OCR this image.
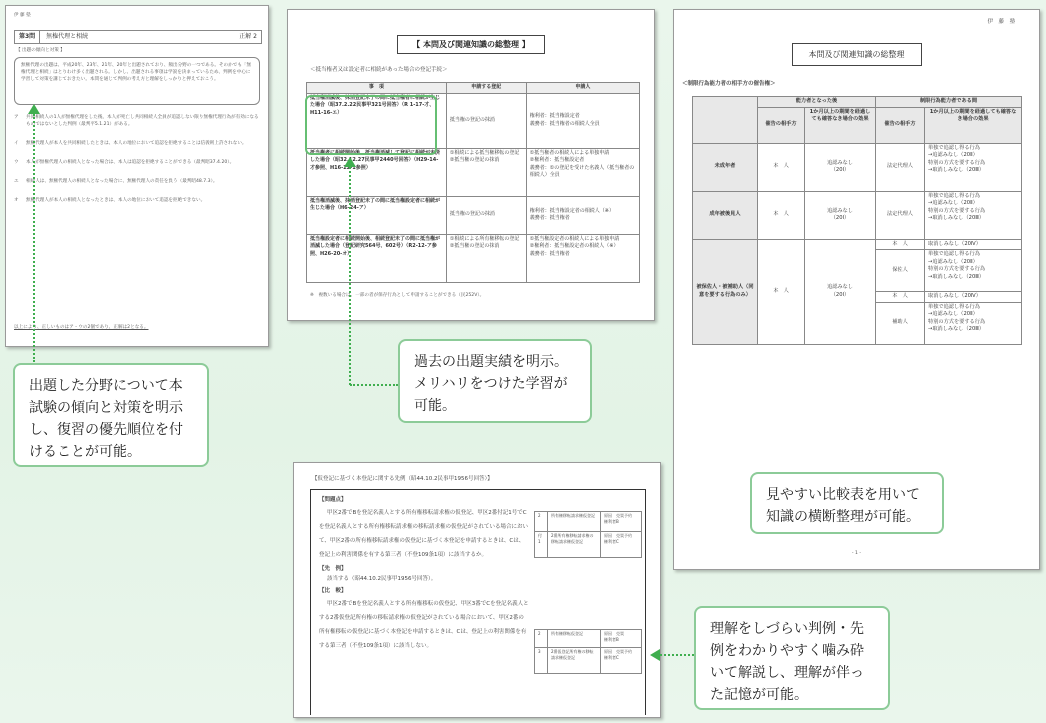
伊 藤 塾
第3問 無権代理と相続	正解 2
【 出題の傾向と対策 】
無権代理の出題は、平成20年、23年、21年、20年と出題されており、頻出分野の一つである。そのかでも「無権代理と相続」はとりわけ多く出題される。しかし、出題される事項は学説を決まっているため、判例を中心に学習して対策を講じておきたい。本問を通じて判例の考え方と理解をしっかりと押えておこう。
ア	共同相続人の1人が無権代理をした後、本人が死亡し共同相続人全員が追認しない限り無権代理行為が有効になるものではないとした判例（最判平5.1.21）がある。
イ	無権代理人が本人を共同相続したときは、本人の地位において追認を拒絶することは信義則上許されない。
ウ	本人が無権代理人の相続人となった場合は、本人は追認を拒絶することができる（最判昭37.4.20）。
エ	相続人は、無権代理人の相続人となった場合に、無権代理人の責任を負う（最判昭48.7.3）。
オ	無権代理人が本人の相続人となったときは、本人の地位において追認を拒絶できない。
以上により、正しいものはア・ウの2個であり、正解は2となる。
【 本問及び関連知識の総整理 】
＜抵当権者又は設定者に相続があった場合の登記手続＞
事　項	申請する登記	申請人
抵当権消滅後、抹消登記未了の間に抵当権者に相続が生じた場合（昭37.2.22民事甲321号回答）（R 1-17-才、H11-16-エ）	抵当権の登記の抹消	権利者：抵当権設定者
義務者：抵当権者の相続人全員
抵当権者に相続開始後、抵当権消滅して登記に相続が未済した場合（昭32.12.27民事甲2440号回答）（H29-14-才参照、H16-22-1参照）	①相続による抵当権移転の登記
②抵当権の登記の抹消	①抵当権者の相続人による単独申請
②権利者：抵当権設定者
義務者：①の登記を受けた名義人（抵当権者の相続人）全員
抵当権消滅後、抹消登記未了の間に抵当権設定者に相続が生じた場合（H6-24-ア）	抵当権の登記の抹消	権利者：抵当権設定者の相続人（※）
義務者：抵当権者
抵当権設定者に相続開始後、相続登記未了の間に抵当権が消滅した場合（登記研究564号、602号）（R2-12-ア参照、H26-20-オ）	①相続による所有権移転の登記
②抵当権の登記の抹消	①抵当権設定者の相続人による単独申請
②権利者：抵当権設定者の相続人（※）
義務者：抵当権者
※　複数いる場合は、一部の者が保存行為として申請することができる（民252Ⅴ）。
伊　藤　塾
本問及び関連知識の総整理
＜制限行為能力者の相手方の催告権＞
	能力者となった後		制限行為能力者である間	
	催告の相手方	1か月以上の期間を経過しても確答なき場合の効果	催告の相手方	1か月以上の期間を経過しても確答なき場合の効果
未成年者	本　人	追認みなし
（20Ⅰ）	法定代理人	単独で追認し得る行為
→追認みなし（20Ⅱ）
特別の方式を要する行為
→取消しみなし（20Ⅲ）
成年被後見人	本　人	追認みなし
（20Ⅰ）	法定代理人	単独で追認し得る行為
→追認みなし（20Ⅱ）
特別の方式を要する行為
→取消しみなし（20Ⅲ）
被保佐人・被補助人（同意を要する行為のみ）	本　人	追認みなし
（20Ⅰ）	本　人	取消しみなし（20Ⅳ）
			保佐人	単独で追認し得る行為
→追認みなし（20Ⅱ）
特別の方式を要する行為
→取消しみなし（20Ⅲ）
			本　人	取消しみなし（20Ⅳ）
			補助人	単独で追認し得る行為
→追認みなし（20Ⅱ）
特別の方式を要する行為
→取消しみなし（20Ⅲ）
- 1 -
【仮登記に基づく本登記に関する先例（昭44.10.2民事甲1956号回答）】
【問題点】
甲区2番でBを登記名義人とする所有権移転請求権の仮登記、甲区2番付記1号でCを登記名義人とする所有権移転請求権の移転請求権の仮登記がされている場合において、甲区2番の所有権移転請求権の仮登記に基づく本登記を申請するときは、Cは、登記上の利害関係を有する第三者（不登109条1項）に該当するか。
【先　例】
該当する（昭44.10.2民事甲1956号回答）。
【比　較】
甲区2番でBを登記名義人とする所有権移転の仮登記、甲区3番でCを登記名義人とする2番仮登記所有権の移転請求権の仮登記がされている場合において、甲区2番の所有権移転の仮登記に基づく本登記を申請するときは、Cは、登記上の利害関係を有する第三者（不登109条1項）に該当しない。
2	所有権移転請求権仮登記	原因　売買予約
権利者B
付1	2番所有権移転請求権の移転請求権仮登記	原因　売買予約
権利者C
2	所有権移転仮登記	原因　売買
権利者B
3	2番仮登記所有権の移転請求権仮登記	原因　売買予約
権利者C
出題した分野について本試験の傾向と対策を明示し、復習の優先順位を付けることが可能。
過去の出題実績を明示。メリハリをつけた学習が可能。
見やすい比較表を用いて知識の横断整理が可能。
理解をしづらい判例・先例をわかりやすく噛み砕いて解説し、理解が伴った記憶が可能。
